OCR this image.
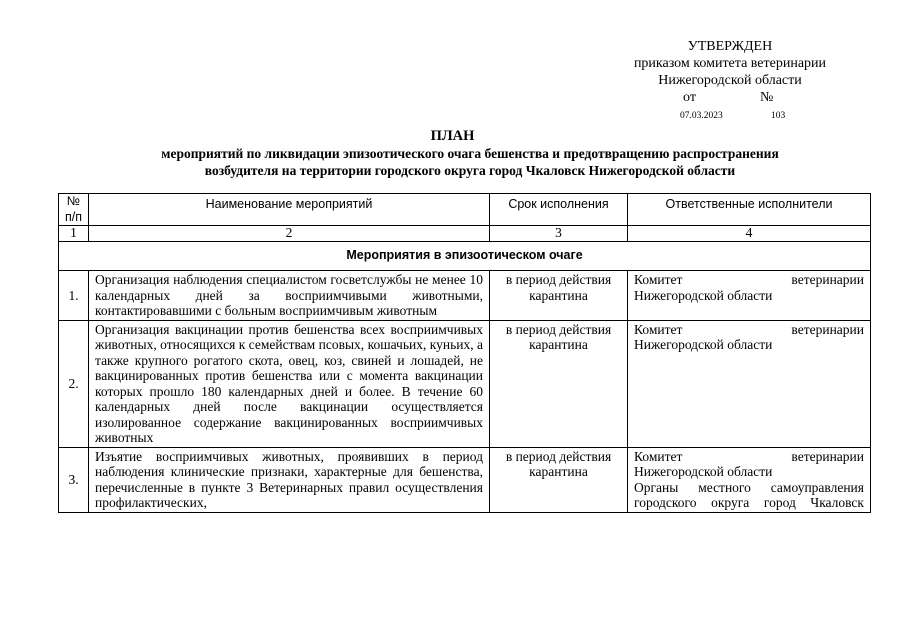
УТВЕРЖДЕН
приказом комитета ветеринарии
Нижегородской области
от	№
07.03.2023	103
ПЛАН
мероприятий по ликвидации эпизоотического очага бешенства и предотвращению распространения
возбудителя на территории городского округа город Чкаловск Нижегородской области
№ п/п	Наименование мероприятий	Срок исполнения	Ответственные исполнители
1	2	3	4
Мероприятия в эпизоотическом очаге			
1.	Организация наблюдения специалистом госветслужбы не менее 10 календарных дней за восприимчивыми животными, контактировавшими с больным восприимчивым животным	в период действия карантина	Комитет ветеринарии
Нижегородской области

2.	Организация вакцинации против бешенства всех восприимчивых животных, относящихся к семействам псовых, кошачьих, куньих, а также крупного рогатого скота, овец, коз, свиней и лошадей, не вакцинированных против бешенства или с момента вакцинации которых прошло 180 календарных дней и более. В течение 60 календарных дней после вакцинации осуществляется изолированное содержание вакцинированных восприимчивых животных	в период действия карантина	Комитет ветеринарии
Нижегородской области

3.	Изъятие восприимчивых животных, проявивших в период наблюдения клинические признаки, характерные для бешенства, перечисленные в пункте 3 Ветеринарных правил осуществления профилактических,	в период действия карантина	Комитет ветеринарии
Нижегородской области
Органы местного самоуправления
городского округа город Чкаловск
